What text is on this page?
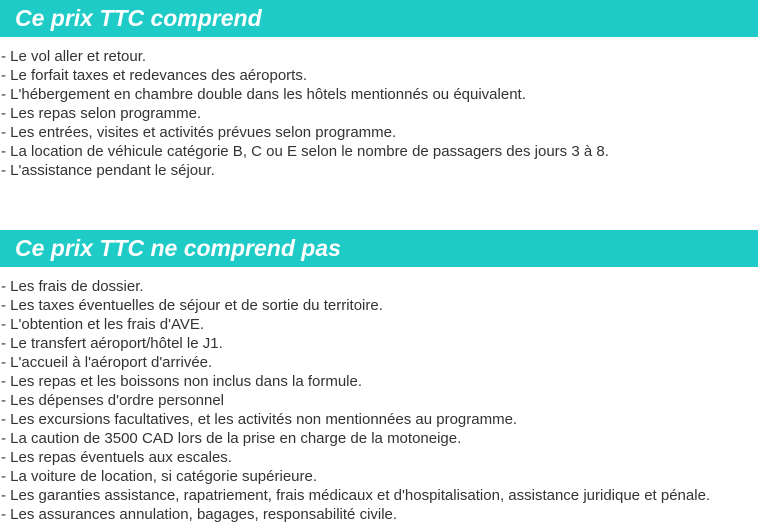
Ce prix TTC comprend
- Le vol aller et retour.
- Le forfait taxes et redevances des aéroports.
- L'hébergement en chambre double dans les hôtels mentionnés ou équivalent.
- Les repas selon programme.
- Les entrées, visites et activités prévues selon programme.
- La location de véhicule catégorie B, C ou E selon le nombre de passagers des jours 3 à 8.
- L'assistance pendant le séjour.
Ce prix TTC ne comprend pas
- Les frais de dossier.
- Les taxes éventuelles de séjour et de sortie du territoire.
- L'obtention et les frais d'AVE.
- Le transfert aéroport/hôtel le J1.
- L'accueil à l'aéroport d'arrivée.
- Les repas et les boissons non inclus dans la formule.
- Les dépenses d'ordre personnel
- Les excursions facultatives, et les activités non mentionnées au programme.
- La caution de 3500 CAD lors de la prise en charge de la motoneige.
- Les repas éventuels aux escales.
- La voiture de location, si catégorie supérieure.
- Les garanties assistance, rapatriement, frais médicaux et d'hospitalisation, assistance juridique et pénale.
- Les assurances annulation, bagages, responsabilité civile.
